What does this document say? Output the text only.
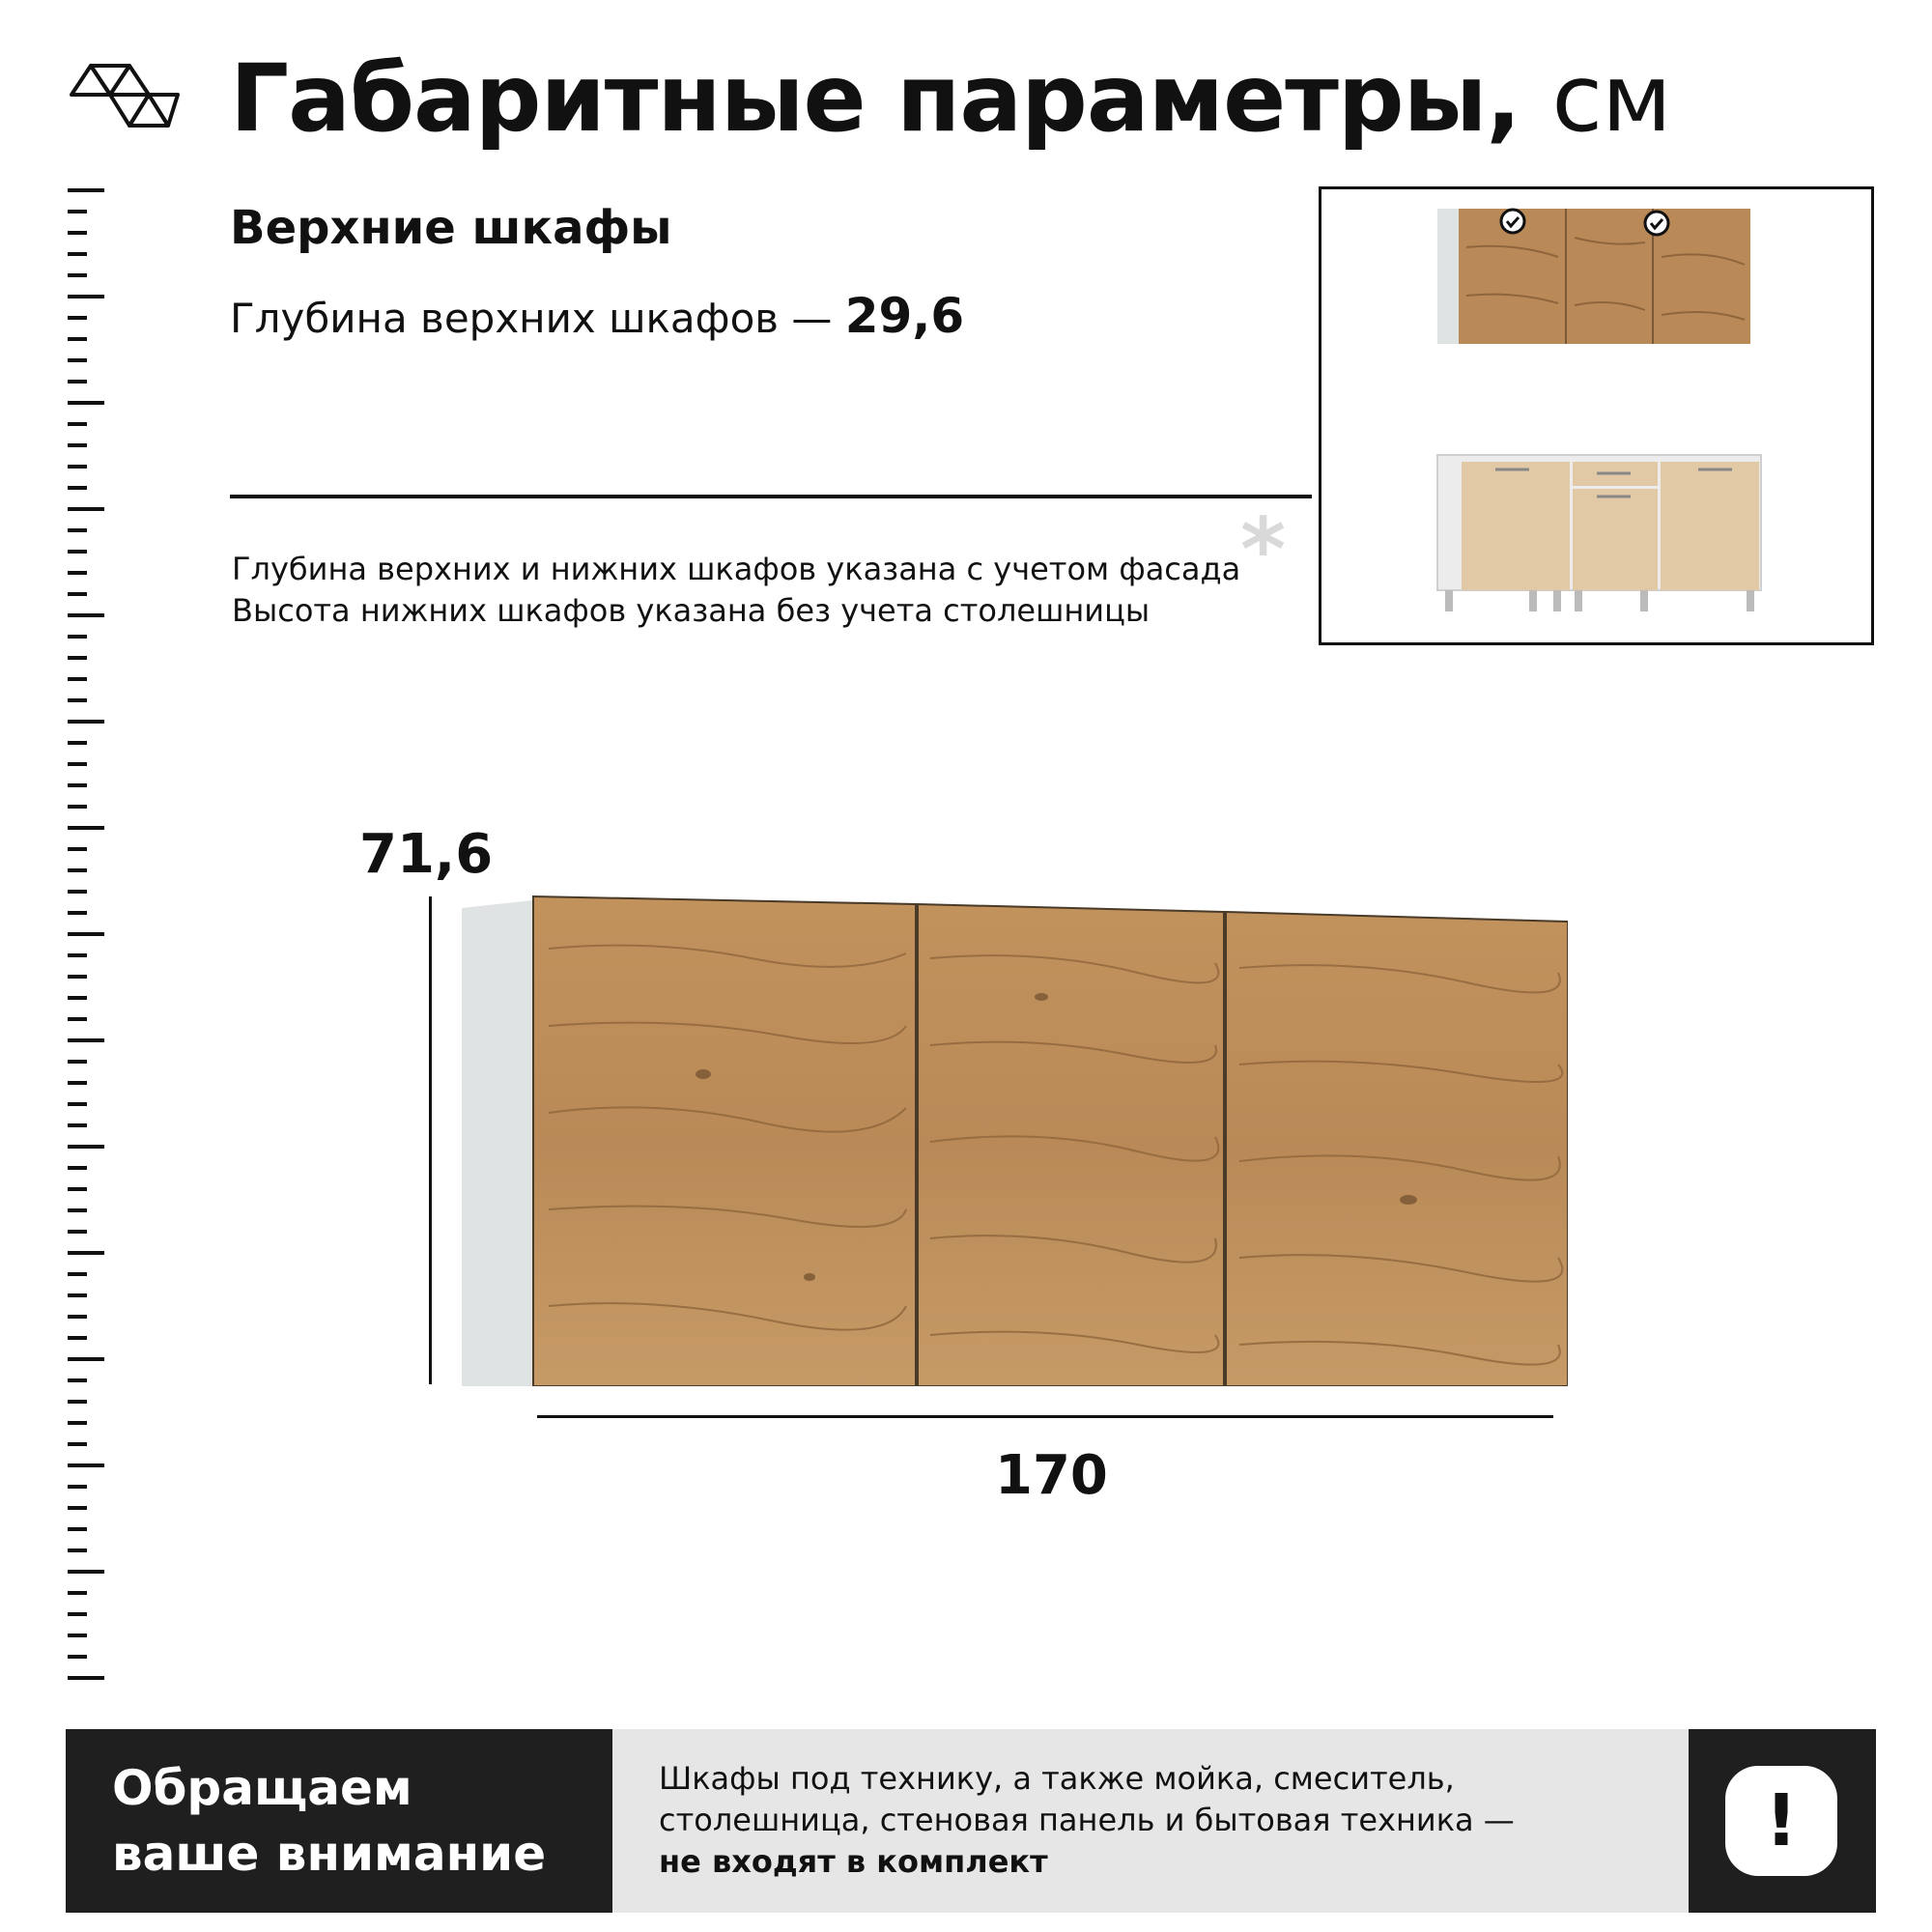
Габаритные параметры, см
Верхние шкафы
Глубина верхних шкафов — 29,6
*
Глубина верхних и нижних шкафов указана с учетом фасада
Высота нижних шкафов указана без учета столешницы
71,6
170
Обращаем
ваше внимание
Шкафы под технику, а также мойка, смеситель,
столешница, стеновая панель и бытовая техника —
не входят в комплект	!
